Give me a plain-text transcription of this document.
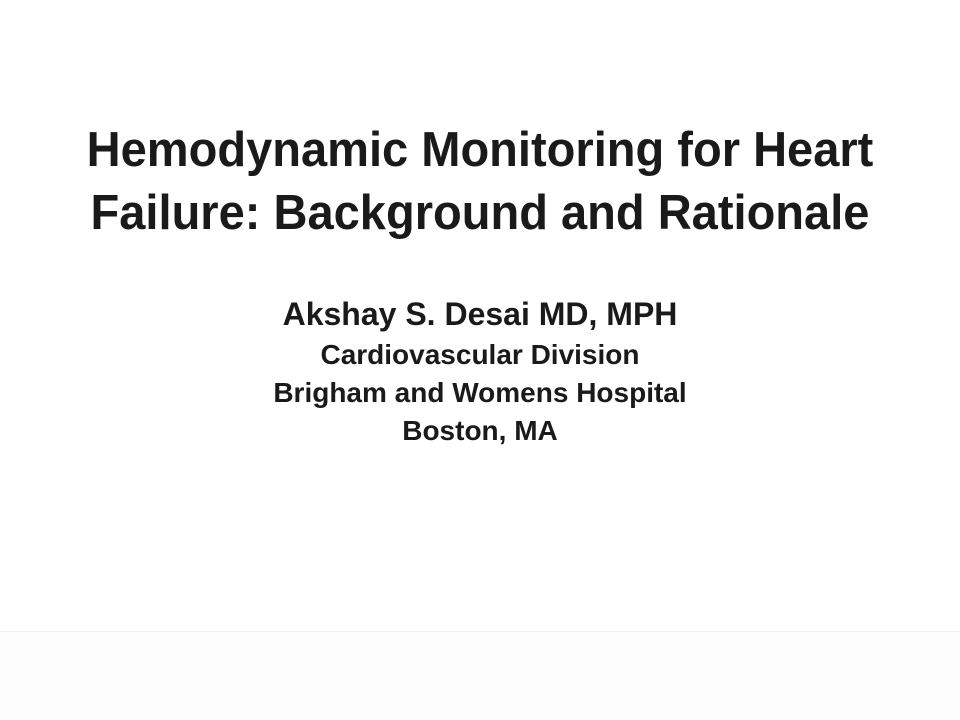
Hemodynamic Monitoring for Heart
Failure: Background and Rationale
Akshay S. Desai MD, MPH
Cardiovascular Division
Brigham and Womens Hospital
Boston, MA
